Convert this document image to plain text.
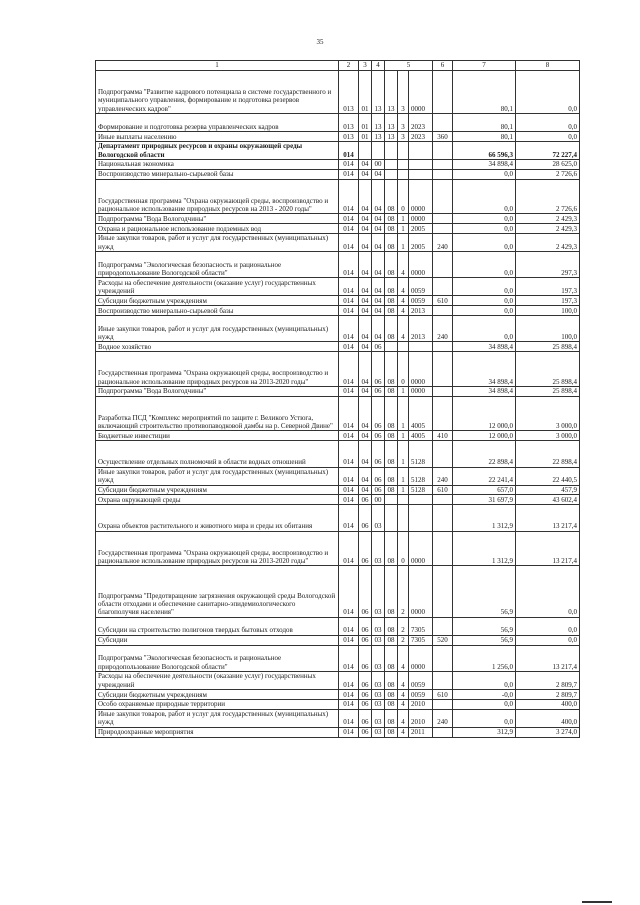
35
1	2	3	4	5			6	7	8
Подпрограмма "Развитие кадрового потенциала в системе государственного и муниципального управления, формирование и подготовка резервов управленческих кадров"	013	01	13	13	3	0000		80,1	0,0
Формирование и подготовка резерва управленческих кадров	013	01	13	13	3	2023		80,1	0,0
Иные выплаты населению	013	01	13	13	3	2023	360	80,1	0,0
Департамент природных ресурсов и охраны окружающей среды Вологодской области	014							66 596,3	72 227,4
Национальная экономика	014	04	00					34 898,4	28 625,0
Воспроизводство минерально-сырьевой базы	014	04	04					0,0	2 726,6
Государственная программа "Охрана окружающей среды, воспроизводство и рациональное использование природных ресурсов на 2013 - 2020 годы"	014	04	04	08	0	0000		0,0	2 726,6
Подпрограмма "Вода Вологодчины"	014	04	04	08	1	0000		0,0	2 429,3
Охрана и рациональное использование подземных вод	014	04	04	08	1	2005		0,0	2 429,3
Иные закупки товаров, работ и услуг для государственных (муниципальных) нужд	014	04	04	08	1	2005	240	0,0	2 429,3
Подпрограмма "Экологическая безопасность и рациональное природопользование Вологодской области"	014	04	04	08	4	0000		0,0	297,3
Расходы на обеспечение деятельности (оказание услуг) государственных учреждений	014	04	04	08	4	0059		0,0	197,3
Субсидии бюджетным учреждениям	014	04	04	08	4	0059	610	0,0	197,3
Воспроизводство минерально-сырьевой базы	014	04	04	08	4	2013		0,0	100,0
Иные закупки товаров, работ и услуг для государственных (муниципальных) нужд	014	04	04	08	4	2013	240	0,0	100,0
Водное хозяйство	014	04	06					34 898,4	25 898,4
Государственная программа "Охрана окружающей среды, воспроизводство и рациональное использование природных ресурсов на 2013-2020 годы"	014	04	06	08	0	0000		34 898,4	25 898,4
Подпрограмма "Вода Вологодчины"	014	04	06	08	1	0000		34 898,4	25 898,4
Разработка ПСД "Комплекс мероприятий по защите г. Великого Устюга, включающий строительство противопаводковой дамбы на р. Северной Двине"	014	04	06	08	1	4005		12 000,0	3 000,0
Бюджетные инвестиции	014	04	06	08	1	4005	410	12 000,0	3 000,0
Осуществление отдельных полномочий в области водных отношений	014	04	06	08	1	5128		22 898,4	22 898,4
Иные закупки товаров, работ и услуг для государственных (муниципальных) нужд	014	04	06	08	1	5128	240	22 241,4	22 440,5
Субсидии бюджетным учреждениям	014	04	06	08	1	5128	610	657,0	457,9
Охрана окружающей среды	014	06	00					31 697,9	43 602,4
Охрана объектов растительного и животного мира и среды их обитания	014	06	03					1 312,9	13 217,4
Государственная программа "Охрана окружающей среды, воспроизводство и рациональное использование природных ресурсов на 2013-2020 годы"	014	06	03	08	0	0000		1 312,9	13 217,4
Подпрограмма "Предотвращение загрязнения окружающей среды Вологодской области отходами и обеспечение санитарно-эпидемиологического благополучия населения"	014	06	03	08	2	0000		56,9	0,0
Субсидии на строительство полигонов твердых бытовых отходов	014	06	03	08	2	7305		56,9	0,0
Субсидии	014	06	03	08	2	7305	520	56,9	0,0
Подпрограмма "Экологическая безопасность и рациональное природопользование Вологодской области"	014	06	03	08	4	0000		1 256,0	13 217,4
Расходы на обеспечение деятельности (оказание услуг) государственных учреждений	014	06	03	08	4	0059		0,0	2 809,7
Субсидии бюджетным учреждениям	014	06	03	08	4	0059	610	-0,0	2 809,7
Особо охраняемые природные территории	014	06	03	08	4	2010		0,0	400,0
Иные закупки товаров, работ и услуг для государственных (муниципальных) нужд	014	06	03	08	4	2010	240	0,0	400,0
Природоохранные мероприятия	014	06	03	08	4	2011		312,9	3 274,0
